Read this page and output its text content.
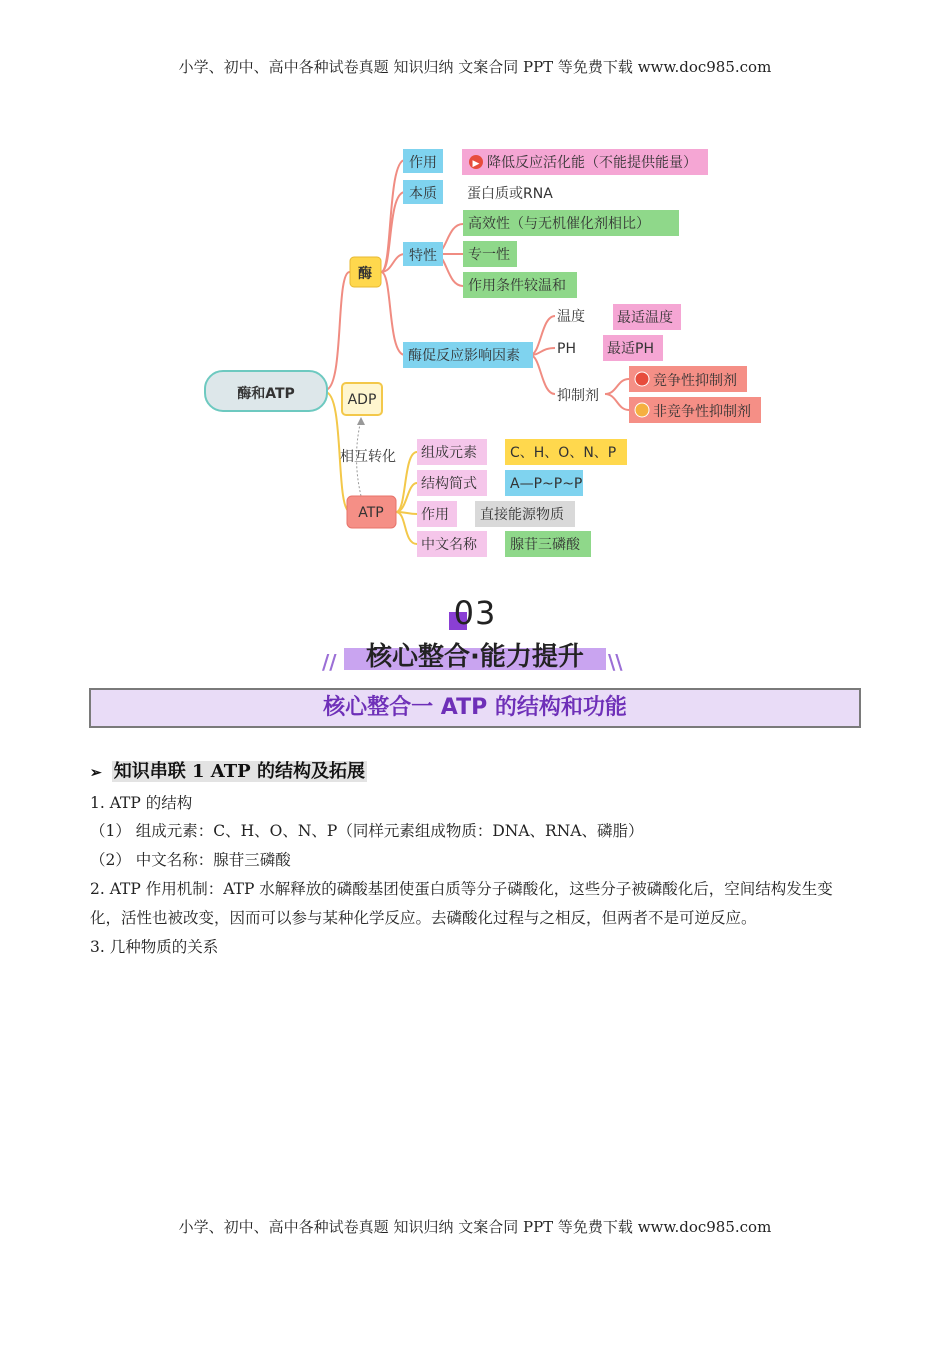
小学、初中、高中各种试卷真题 知识归纳 文案合同 PPT 等免费下载 www.doc985.com
酶和ATP
酶
作用	▶ 降低反应活化能（不能提供能量）
本质 蛋白质或RNA
特性
高效性（与无机催化剂相比）
专一性
作用条件较温和
酶促反应影响因素
温度 最适温度
PH 最适PH
抑制剂
竞争性抑制剂
非竞争性抑制剂
ADP
相互转化
ATP
组成元素 C、H、O、N、P
结构简式 A—P~P~P
作用 直接能源物质
中文名称 腺苷三磷酸
03
核心整合·能力提升
//	\\
核心整合一 ATP 的结构和功能
➢ 知识串联 1 ATP 的结构及拓展
1. ATP 的结构
（1） 组成元素：C、H、O、N、P（同样元素组成物质：DNA、RNA、磷脂）
（2） 中文名称：腺苷三磷酸
2. ATP 作用机制：ATP 水解释放的磷酸基团使蛋白质等分子磷酸化，这些分子被磷酸化后，空间结构发生变化，活性也被改变，因而可以参与某种化学反应。去磷酸化过程与之相反，但两者不是可逆反应。
3. 几种物质的关系
小学、初中、高中各种试卷真题 知识归纳 文案合同 PPT 等免费下载 www.doc985.com
